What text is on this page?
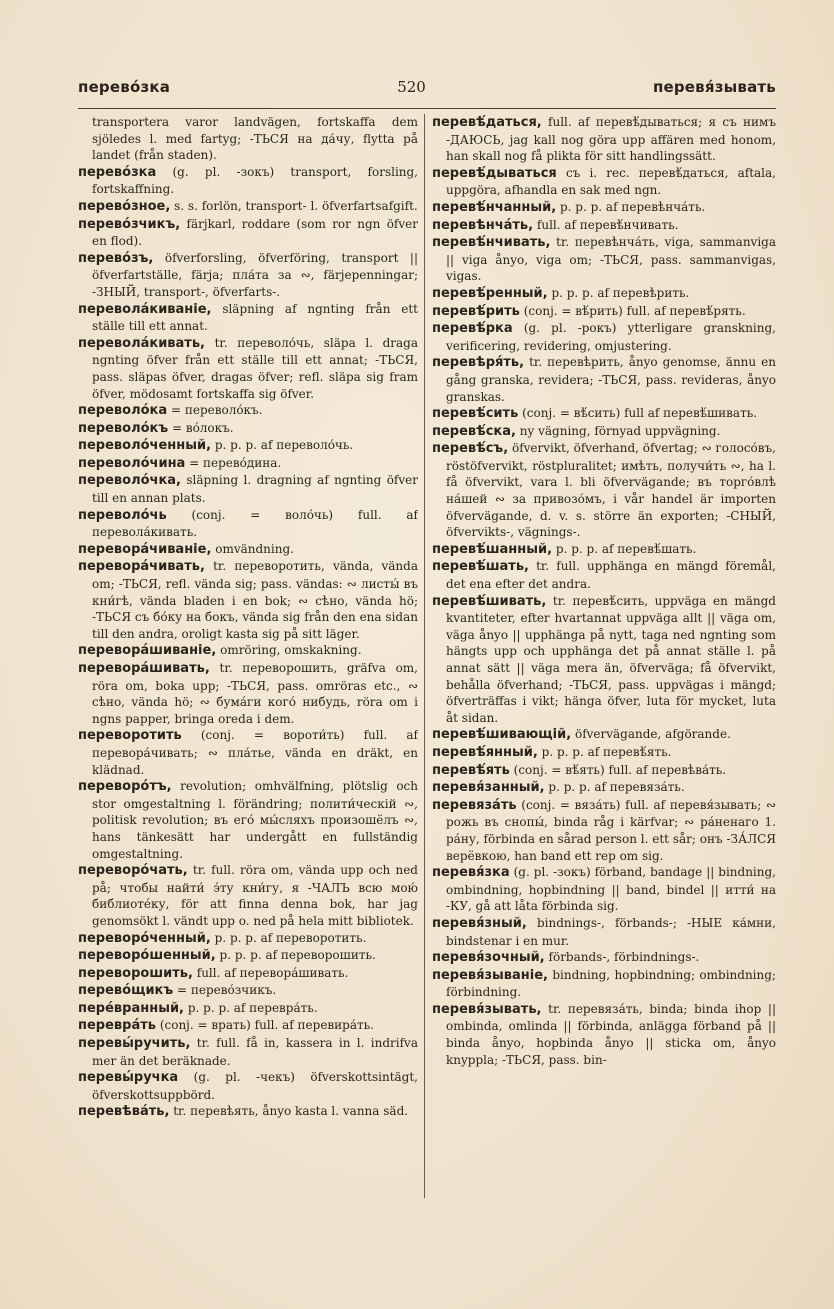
перево́зка	520	перевя́зывать

transportera varor landvägen, fortskaffa dem sjöledes l. med fartyg; -ТЬСЯ на да́чу, flytta på landet (från staden).

перево́зка (g. pl. -зокъ) transport, forsling, fortskaffning.

перево́зное, s. s. forlön, transport- l. öfverfartsafgift.

перево́зчикъ, färjkarl, roddare (som ror ngn öfver en flod).

перево́зъ, öfverforsling, öfverföring, transport || öfverfartställe, färja; пла́та за ∾, färjepenningar; -ЗНЫЙ, transport-, öfverfarts-.

перевола́киваніе, släpning af ngnting från ett ställe till ett annat.

перевола́кивать, tr. переволо́чь, släpa l. draga ngnting öfver från ett ställe till ett annat; -ТЬСЯ, pass. släpas öfver, dragas öfver; refl. släpa sig fram öfver, mödosamt fortskaffa sig öfver.

переволо́ка = переволо́къ.

переволо́къ = во́локъ.

переволо́ченный, p. p. p. af переволо́чь.

переволо́чина = перево́дина.

переволо́чка, släpning l. dragning af ngnting öfver till en annan plats.

переволо́чь (conj. = воло́чь) full. af перевола́кивать.

перевора́чиваніе, omvändning.

перевора́чивать, tr. переворотить, vända, vända om; -ТЬСЯ, refl. vända sig; pass. vändas: ∾ листы́ въ кни́гѣ, vända bladen i en bok; ∾ сѣно, vända hö; -ТЬСЯ съ бо́ку на бокъ, vända sig från den ena sidan till den andra, oroligt kasta sig på sitt läger.

перевора́шиваніе, omröring, omskakning.

перевора́шивать, tr. переворошить, gräfva om, röra om, boka upp; -ТЬСЯ, pass. omröras etc., ∾ сѣно, vända hö; ∾ бума́ги кого́ нибудь, röra om i ngns papper, bringa oreda i dem.

переворотить (conj. = вороти́ть) full. af перевора́чивать; ∾ пла́тье, vända en dräkt, en klädnad.

переворо́тъ, revolution; omhvälfning, plötslig och stor omgestaltning l. förändring; полити́ческій ∾, politisk revolution; въ его́ мы́сляхъ произошёлъ ∾, hans tänkesätt har undergått en fullständig omgestaltning.

переворо́чать, tr. full. röra om, vända upp och ned på; чтобы найти́ э́ту кни́гу, я -ЧАЛЪ всю мою́ библиоте́ку, för att finna denna bok, har jag genomsökt l. vändt upp o. ned på hela mitt bibliotek.

переворо́ченный, p. p. p. af переворотить.

переворо́шенный, p. p. p. af переворошить.

переворошить, full. af перевора́шивать.

перево́щикъ = перево́зчикъ.

пере́вранный, p. p. p. af перевра́ть.

перевра́ть (conj. = врать) full. af перевира́ть.

перевы́ручить, tr. full. få in, kassera in l. indrifva mer än det beräknade.

перевы́ручка (g. pl. -чекъ) öfverskottsintägt, öfverskottsuppbörd.

перевѣва́ть, tr. перевѣять, ånyo kasta l. vanna säd.

перевѣ́даться, full. af перевѣ́дываться; я съ нимъ -ДАЮСЬ, jag kall nog göra upp affären med honom, han skall nog få plikta för sitt handlingssätt.

перевѣ́дываться съ i. rec. перевѣ́даться, aftala, uppgöra, afhandla en sak med ngn.

перевѣ́нчанный, p. p. p. af перевѣнча́ть.

перевѣнча́ть, full. af перевѣ́нчивать.

перевѣ́нчивать, tr. перевѣнча́ть, viga, sammanviga || viga ånyo, viga om; -ТЬСЯ, pass. sammanvigas, vigas.

перевѣ́ренный, p. p. p. af перевѣрить.

перевѣ́рить (conj. = вѣ́рить) full. af перевѣ́рять.

перевѣ́рка (g. pl. -рокъ) ytterligare granskning, verificering, revidering, omjustering.

перевѣря́ть, tr. перевѣрить, ånyo genomse, ännu en gång granska, revidera; -ТЬСЯ, pass. revideras, ånyo granskas.

перевѣ́сить (conj. = вѣ́сить) full af перевѣ́шивать.

перевѣ́ска, ny vägning, förnyad uppvägning.

перевѣ́съ, öfvervikt, öfverhand, öfvertag; ∾ голосо́въ, röstöfvervikt, röstpluralitet; имѣть, получи́ть ∾, ha l. få öfvervikt, vara l. bli öfvervägande; въ торго́влѣ на́шей ∾ за привозо́мъ, i vår handel är importen öfvervägande, d. v. s. större än exporten; -СНЫЙ, öfvervikts-, vägnings-.

перевѣ́шанный, p. p. p. af перевѣ́шать.

перевѣ́шать, tr. full. upphänga en mängd föremål, det ena efter det andra.

перевѣ́шивать, tr. перевѣ́сить, uppväga en mängd kvantiteter, efter hvartannat uppväga allt || väga om, väga ånyo || upphänga på nytt, taga ned ngnting som hängts upp och upphänga det på annat ställe l. på annat sätt || väga mera än, öfverväga; få öfvervikt, behålla öfverhand; -ТЬСЯ, pass. uppvägas i mängd; öfverträffas i vikt; hänga öfver, luta för mycket, luta åt sidan.

перевѣ́шивающій, öfvervägande, afgörande.

перевѣ́янный, p. p. p. af перевѣ́ять.

перевѣ́ять (conj. = вѣ́ять) full. af перевѣва́ть.

перевя́занный, p. p. p. af перевяза́ть.

перевяза́ть (conj. = вяза́ть) full. af перевя́зывать; ∾ рожь въ снопы́, binda råg i kärfvar; ∾ ра́ненаго 1. ра́ну, förbinda en sårad person l. ett sår; онъ -ЗА́ЛСЯ верёвкою, han band ett rep om sig.

перевя́зка (g. pl. -зокъ) förband, bandage || bindning, ombindning, hopbindning || band, bindel || итти́ на -КУ, gå att låta förbinda sig.

перевя́зный, bindnings-, förbands-; -НЫЕ ка́мни, bindstenar i en mur.

перевя́зочный, förbands-, förbindnings-.

перевя́зываніе, bindning, hopbindning; ombindning; förbindning.

перевя́зывать, tr. перевяза́ть, binda; binda ihop || ombinda, omlinda || förbinda, anlägga förband på || binda ånyo, hopbinda ånyo || sticka om, ånyo knyppla; -ТЬСЯ, pass. bin-
